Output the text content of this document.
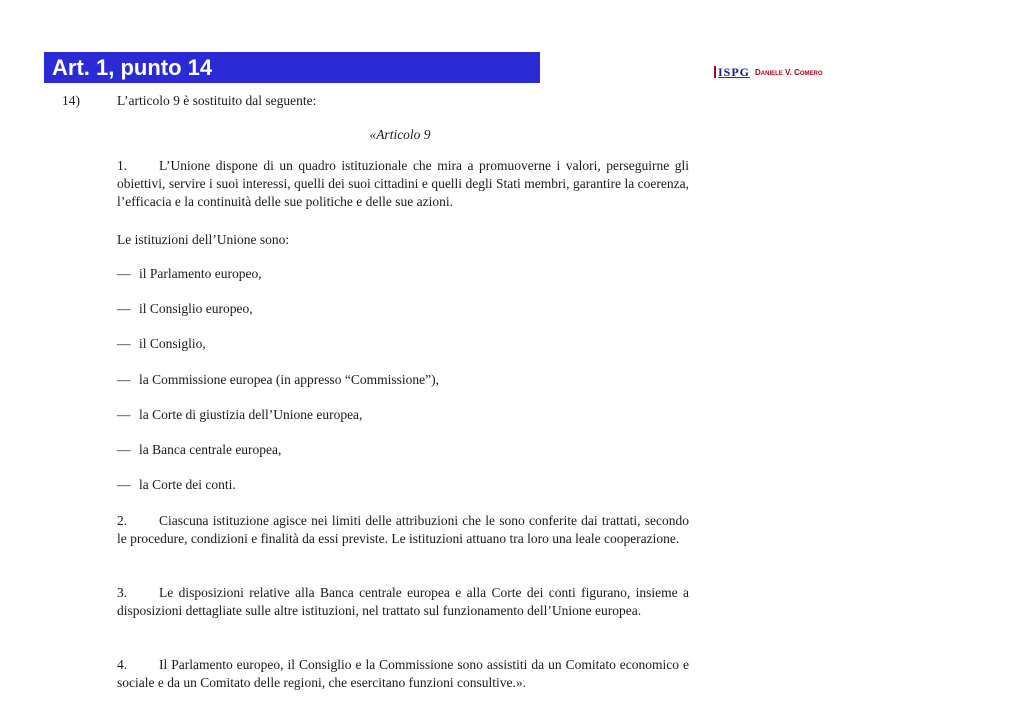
Art. 1, punto 14	ISPG Daniele V. Comero
14)	L’articolo 9 è sostituito dal seguente:
«Articolo 9
1. L’Unione dispone di un quadro istituzionale che mira a promuoverne i valori, perseguirne gli obiettivi, servire i suoi interessi, quelli dei suoi cittadini e quelli degli Stati membri, garantire la coerenza, l’efficacia e la continuità delle sue politiche e delle sue azioni.
Le istituzioni dell’Unione sono:
— il Parlamento europeo,
— il Consiglio europeo,
— il Consiglio,
— la Commissione europea (in appresso “Commissione”),
— la Corte di giustizia dell’Unione europea,
— la Banca centrale europea,
— la Corte dei conti.
2. Ciascuna istituzione agisce nei limiti delle attribuzioni che le sono conferite dai trattati, secondo le procedure, condizioni e finalità da essi previste. Le istituzioni attuano tra loro una leale cooperazione.
3. Le disposizioni relative alla Banca centrale europea e alla Corte dei conti figurano, insieme a disposizioni dettagliate sulle altre istituzioni, nel trattato sul funzionamento dell’Unione europea.
4. Il Parlamento europeo, il Consiglio e la Commissione sono assistiti da un Comitato economico e sociale e da un Comitato delle regioni, che esercitano funzioni consultive.».
